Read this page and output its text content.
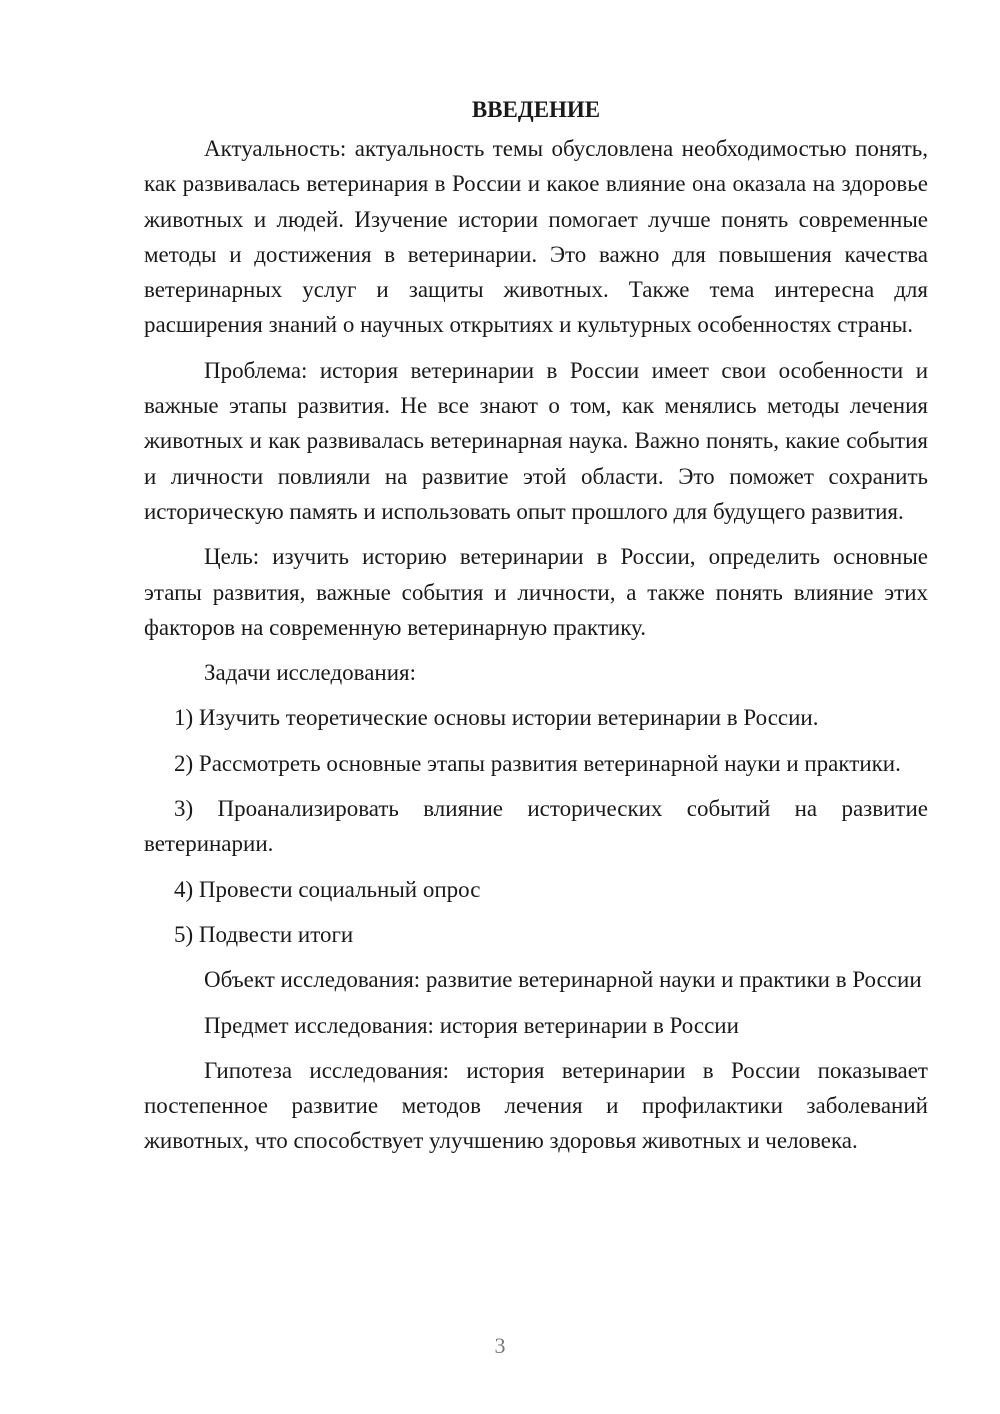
ВВЕДЕНИЕ

Актуальность: актуальность темы обусловлена необходимостью понять, как развивалась ветеринария в России и какое влияние она оказала на здоровье животных и людей. Изучение истории помогает лучше понять современные методы и достижения в ветеринарии. Это важно для повышения качества ветеринарных услуг и защиты животных. Также тема интересна для расширения знаний о научных открытиях и культурных особенностях страны.

Проблема: история ветеринарии в России имеет свои особенности и важные этапы развития. Не все знают о том, как менялись методы лечения животных и как развивалась ветеринарная наука. Важно понять, какие события и личности повлияли на развитие этой области. Это поможет сохранить историческую память и использовать опыт прошлого для будущего развития.

Цель: изучить историю ветеринарии в России, определить основные этапы развития, важные события и личности, а также понять влияние этих факторов на современную ветеринарную практику.

Задачи исследования:

1) Изучить теоретические основы истории ветеринарии в России.

2) Рассмотреть основные этапы развития ветеринарной науки и практики.

3) Проанализировать влияние исторических событий на развитие ветеринарии.

4) Провести социальный опрос

5) Подвести итоги

Объект исследования: развитие ветеринарной науки и практики в России

Предмет исследования: история ветеринарии в России

Гипотеза исследования: история ветеринарии в России показывает постепенное развитие методов лечения и профилактики заболеваний животных, что способствует улучшению здоровья животных и человека.

3
